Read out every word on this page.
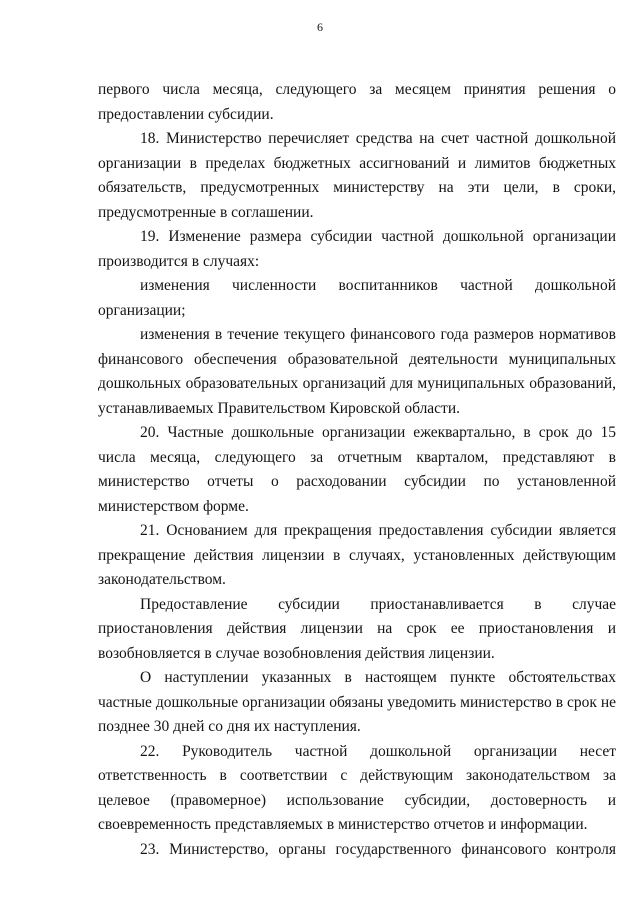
6

первого числа месяца, следующего за месяцем принятия решения о предоставлении субсидии.

18. Министерство перечисляет средства на счет частной дошкольной организации в пределах бюджетных ассигнований и лимитов бюджетных обязательств, предусмотренных министерству на эти цели, в сроки, предусмотренные в соглашении.

19. Изменение размера субсидии частной дошкольной организации производится в случаях:

изменения численности воспитанников частной дошкольной организации;

изменения в течение текущего финансового года размеров нормативов финансового обеспечения образовательной деятельности муниципальных дошкольных образовательных организаций для муниципальных образований, устанавливаемых Правительством Кировской области.

20. Частные дошкольные организации ежеквартально, в срок до 15 числа месяца, следующего за отчетным кварталом, представляют в министерство отчеты о расходовании субсидии по установленной министерством форме.

21. Основанием для прекращения предоставления субсидии является прекращение действия лицензии в случаях, установленных действующим законодательством.

Предоставление субсидии приостанавливается в случае приостановления действия лицензии на срок ее приостановления и возобновляется в случае возобновления действия лицензии.

О наступлении указанных в настоящем пункте обстоятельствах частные дошкольные организации обязаны уведомить министерство в срок не позднее 30 дней со дня их наступления.

22. Руководитель частной дошкольной организации несет ответственность в соответствии с действующим законодательством за целевое (правомерное) использование субсидии, достоверность и своевременность представляемых в министерство отчетов и информации.

23. Министерство, органы государственного финансового контроля
